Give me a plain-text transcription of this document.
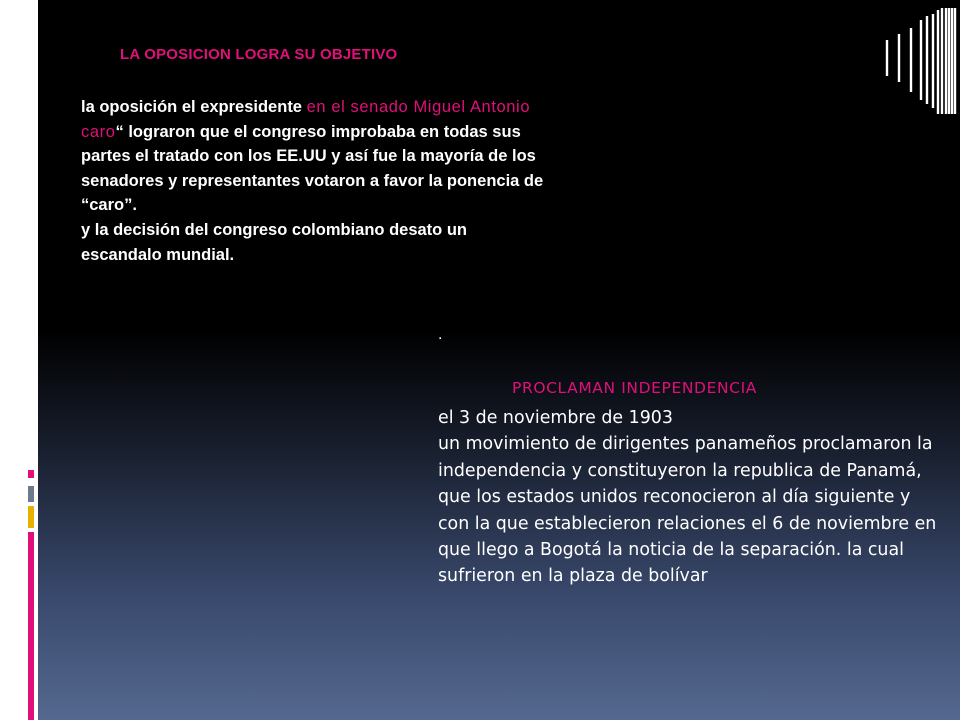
LA OPOSICION LOGRA SU OBJETIVO
la oposición el expresidente en el senado Miguel Antonio caro“ lograron que el congreso improbaba en todas sus partes el tratado con los EE.UU y así fue la mayoría de los senadores y representantes votaron a favor la ponencia de “caro”.
y la decisión del congreso colombiano desato un escandalo mundial.
.
PROCLAMAN INDEPENDENCIA
el 3 de noviembre de 1903
un movimiento de dirigentes panameños proclamaron la independencia y constituyeron la republica de Panamá, que los estados unidos reconocieron al día siguiente y con la que establecieron relaciones el 6 de noviembre en que llego a Bogotá la noticia de la separación. la cual sufrieron en la plaza de bolívar
